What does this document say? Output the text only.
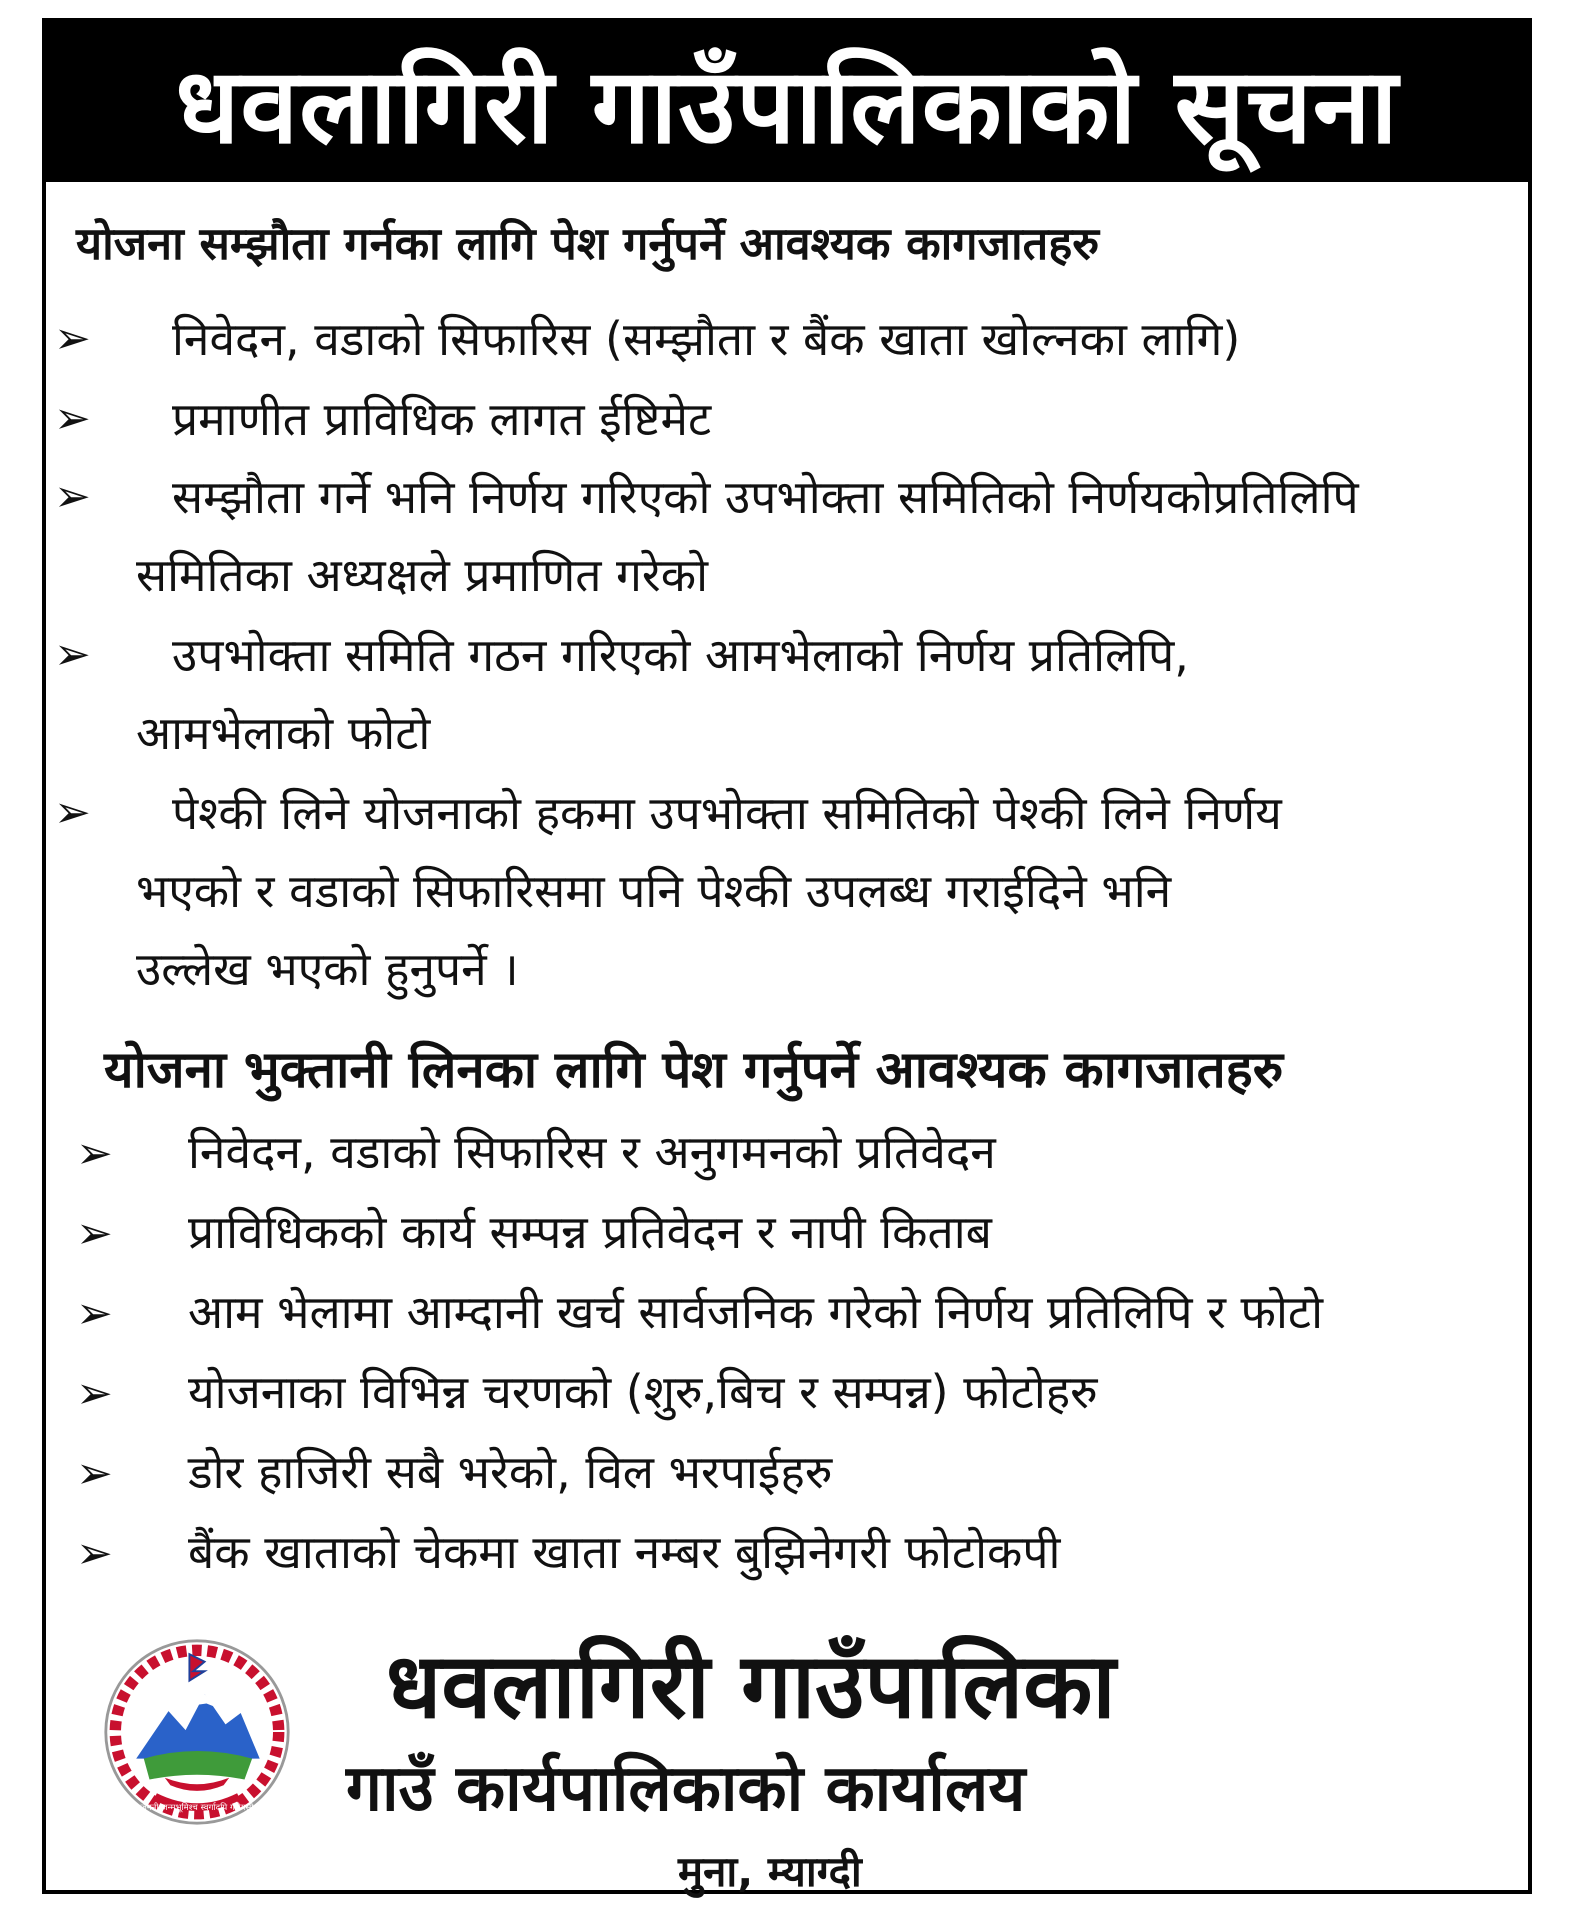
धवलागिरी गाउँपालिकाको सूचना
योजना सम्झौता गर्नका लागि पेश गर्नुपर्ने आवश्यक कागजातहरु
➢ निवेदन, वडाको सिफारिस (सम्झौता र बैंक खाता खोल्नका लागि)
➢ प्रमाणीत प्राविधिक लागत ईष्टिमेट
➢ सम्झौता गर्ने भनि निर्णय गरिएको उपभोक्ता समितिको निर्णयकोप्रतिलिपि
समितिका अध्यक्षले प्रमाणित गरेको
➢ उपभोक्ता समिति गठन गरिएको आमभेलाको निर्णय प्रतिलिपि,
आमभेलाको फोटो
➢ पेश्की लिने योजनाको हकमा उपभोक्ता समितिको पेश्की लिने निर्णय
भएको र वडाको सिफारिसमा पनि पेश्की उपलब्ध गराईदिने भनि
उल्लेख भएको हुनुपर्ने ।
योजना भुक्तानी लिनका लागि पेश गर्नुपर्ने आवश्यक कागजातहरु
➢ निवेदन, वडाको सिफारिस र अनुगमनको प्रतिवेदन
➢ प्राविधिकको कार्य सम्पन्न प्रतिवेदन र नापी किताब
➢ आम भेलामा आम्दानी खर्च सार्वजनिक गरेको निर्णय प्रतिलिपि र फोटो
➢ योजनाका विभिन्न चरणको (शुरु,बिच र सम्पन्न) फोटोहरु
➢ डोर हाजिरी सबै भरेको, विल भरपाईहरु
➢ बैंक खाताको चेकमा खाता नम्बर बुझिनेगरी फोटोकपी
जननी जन्मभूमिश्च स्वर्गादपि गरीयसी
धवलागिरी गाउँपालिका
गाउँ कार्यपालिकाको कार्यालय
मुना, म्याग्दी
